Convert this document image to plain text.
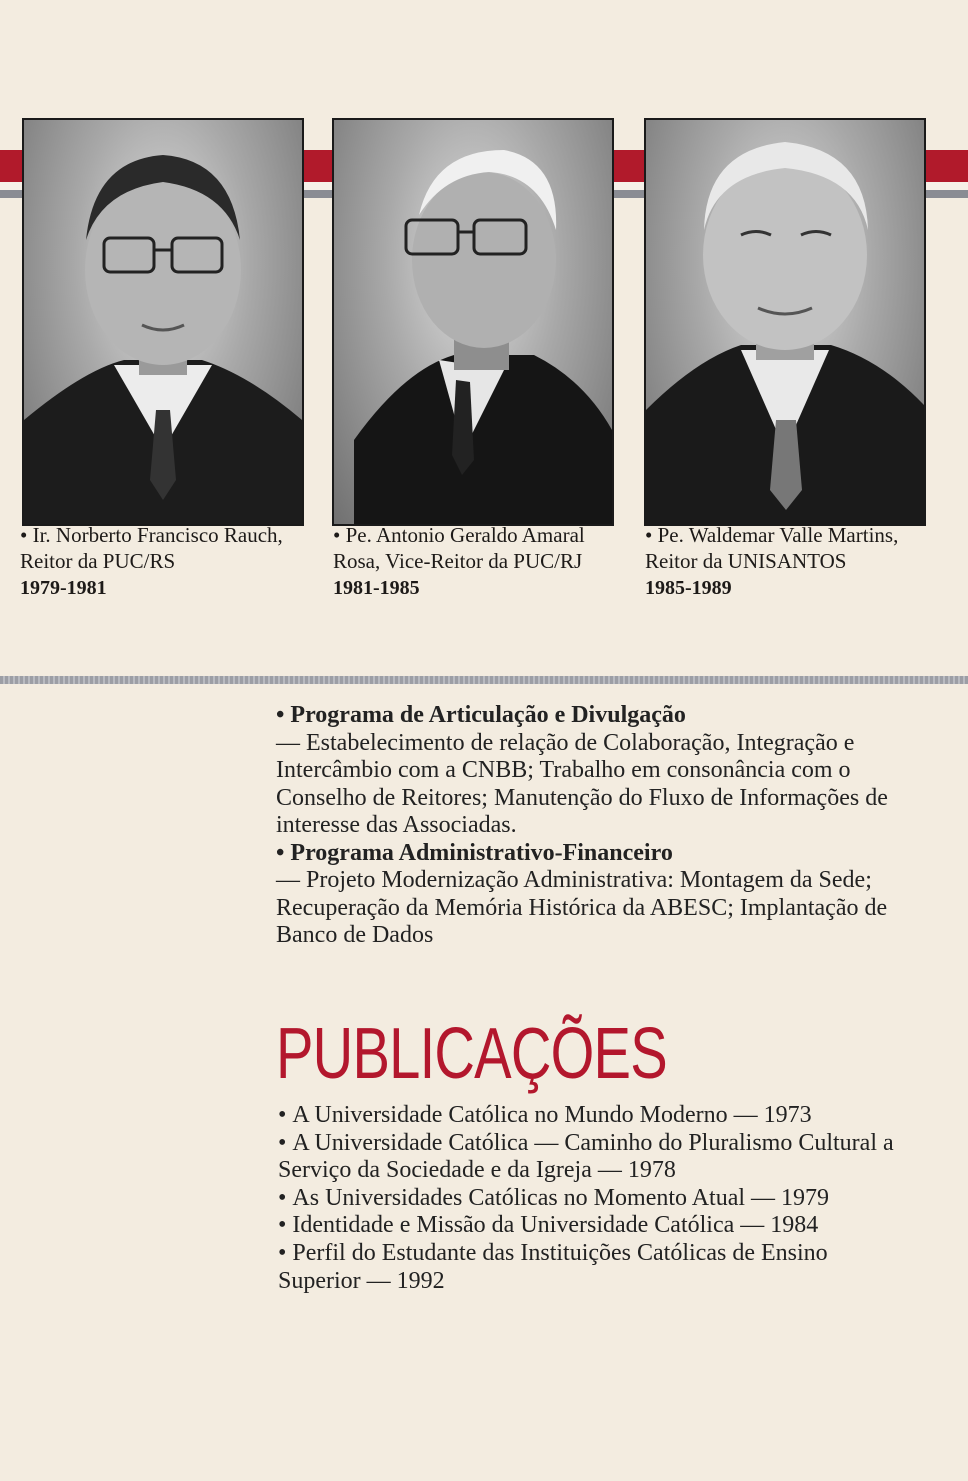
• Ir. Norberto Francisco Rauch, Reitor da PUC/RS
1979-1981
• Pe. Antonio Geraldo Amaral Rosa, Vice-Reitor da PUC/RJ
1981-1985
• Pe. Waldemar Valle Martins, Reitor da UNISANTOS
1985-1989
• Programa de Articulação e Divulgação
— Estabelecimento de relação de Colaboração, Integração e Intercâmbio com a CNBB; Trabalho em consonância com o Conselho de Reitores; Manutenção do Fluxo de Informações de interesse das Associadas.
• Programa Administrativo-Financeiro
— Projeto Modernização Administrativa: Montagem da Sede; Recuperação da Memória Histórica da ABESC; Implantação de Banco de Dados
PUBLICAÇÕES
• A Universidade Católica no Mundo Moderno — 1973
• A Universidade Católica — Caminho do Pluralismo Cultural a Serviço da Sociedade e da Igreja — 1978
• As Universidades Católicas no Momento Atual — 1979
• Identidade e Missão da Universidade Católica — 1984
• Perfil do Estudante das Instituições Católicas de Ensino Superior — 1992
